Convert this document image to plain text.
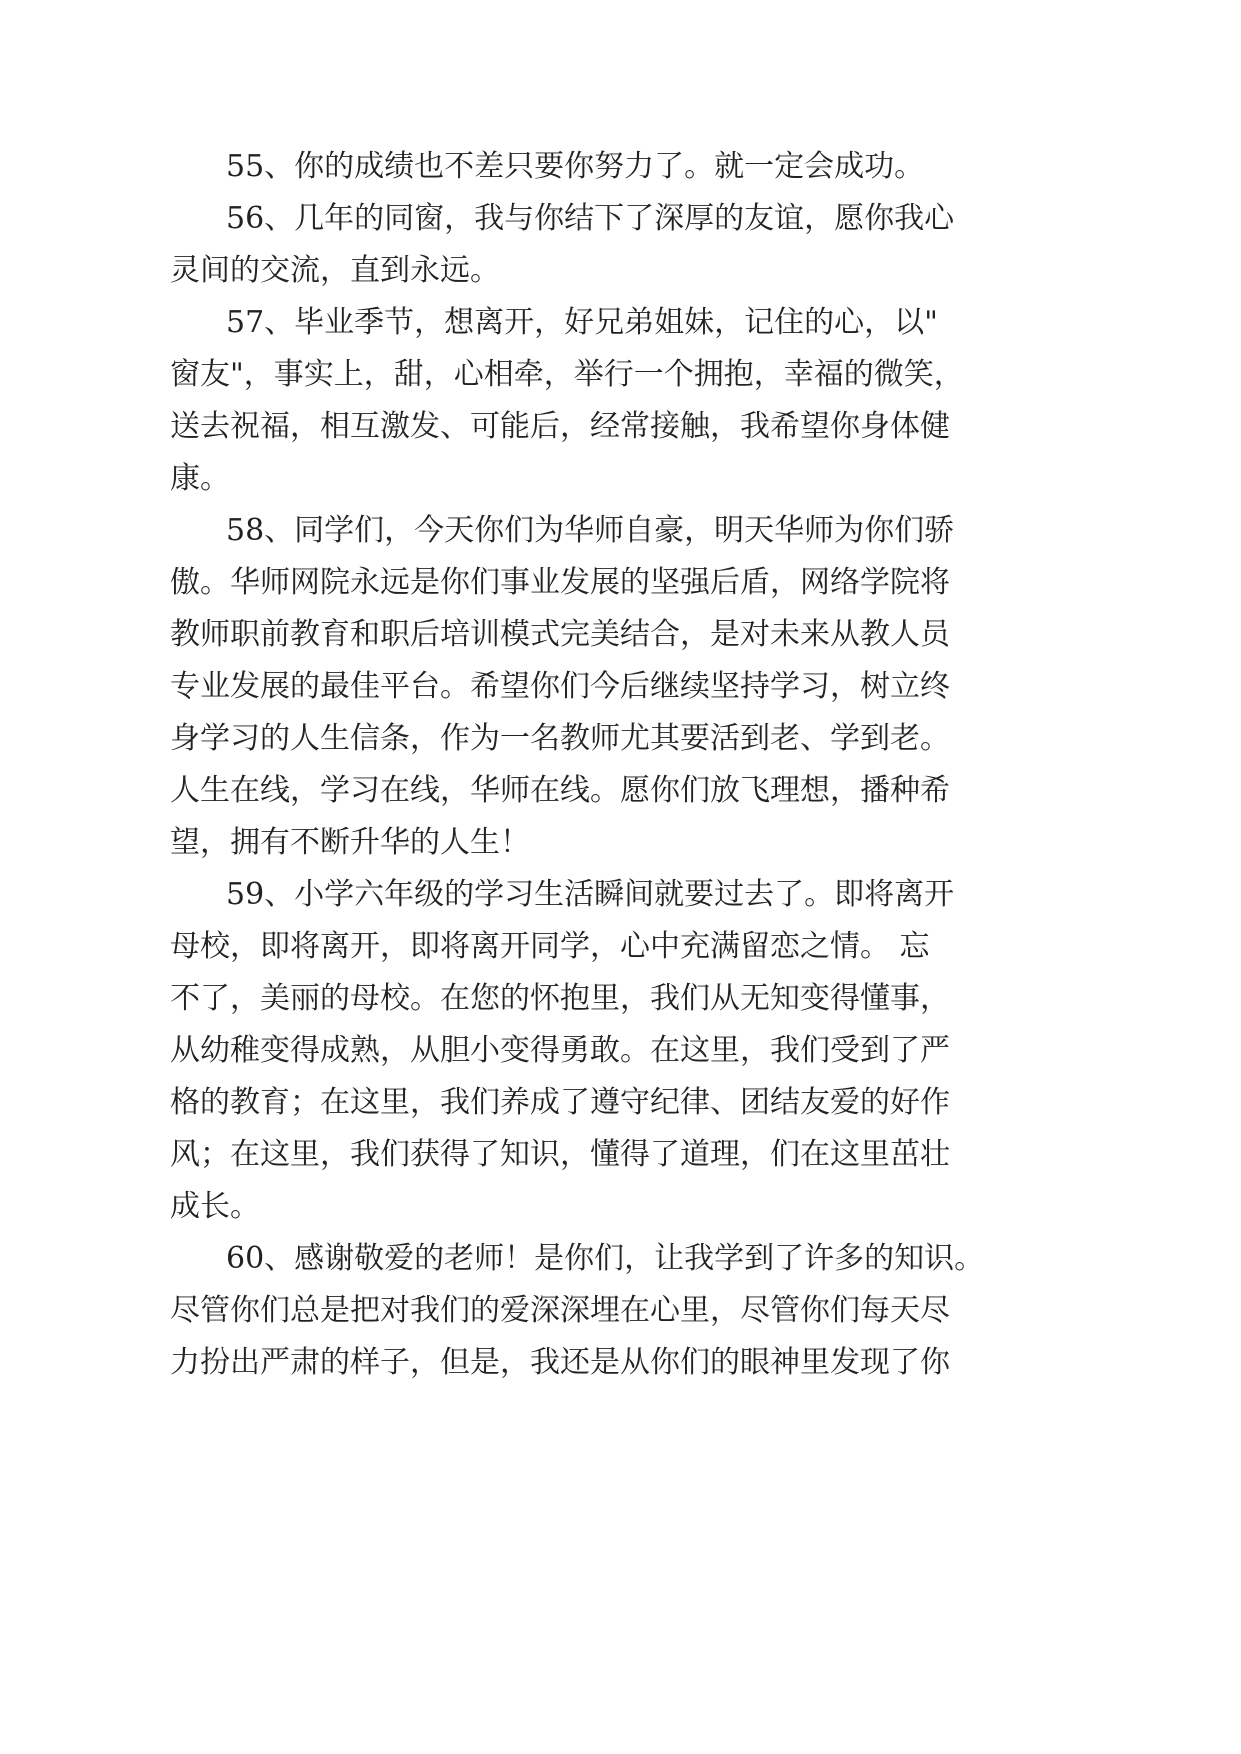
55、你的成绩也不差只要你努力了。就一定会成功。
56、几年的同窗，我与你结下了深厚的友谊，愿你我心
灵间的交流，直到永远。
57、毕业季节，想离开，好兄弟姐妹，记住的心，以"
窗友"，事实上，甜，心相牵，举行一个拥抱，幸福的微笑，
送去祝福，相互激发、可能后，经常接触，我希望你身体健
康。
58、同学们，今天你们为华师自豪，明天华师为你们骄
傲。华师网院永远是你们事业发展的坚强后盾，网络学院将
教师职前教育和职后培训模式完美结合，是对未来从教人员
专业发展的最佳平台。希望你们今后继续坚持学习，树立终
身学习的人生信条，作为一名教师尤其要活到老、学到老。
人生在线，学习在线，华师在线。愿你们放飞理想，播种希
望，拥有不断升华的人生！
59、小学六年级的学习生活瞬间就要过去了。即将离开
母校，即将离开，即将离开同学，心中充满留恋之情。 忘
不了，美丽的母校。在您的怀抱里，我们从无知变得懂事，
从幼稚变得成熟，从胆小变得勇敢。在这里，我们受到了严
格的教育；在这里，我们养成了遵守纪律、团结友爱的好作
风；在这里，我们获得了知识，懂得了道理，们在这里茁壮
成长。
60、感谢敬爱的老师！是你们，让我学到了许多的知识。
尽管你们总是把对我们的爱深深埋在心里，尽管你们每天尽
力扮出严肃的样子，但是，我还是从你们的眼神里发现了你
